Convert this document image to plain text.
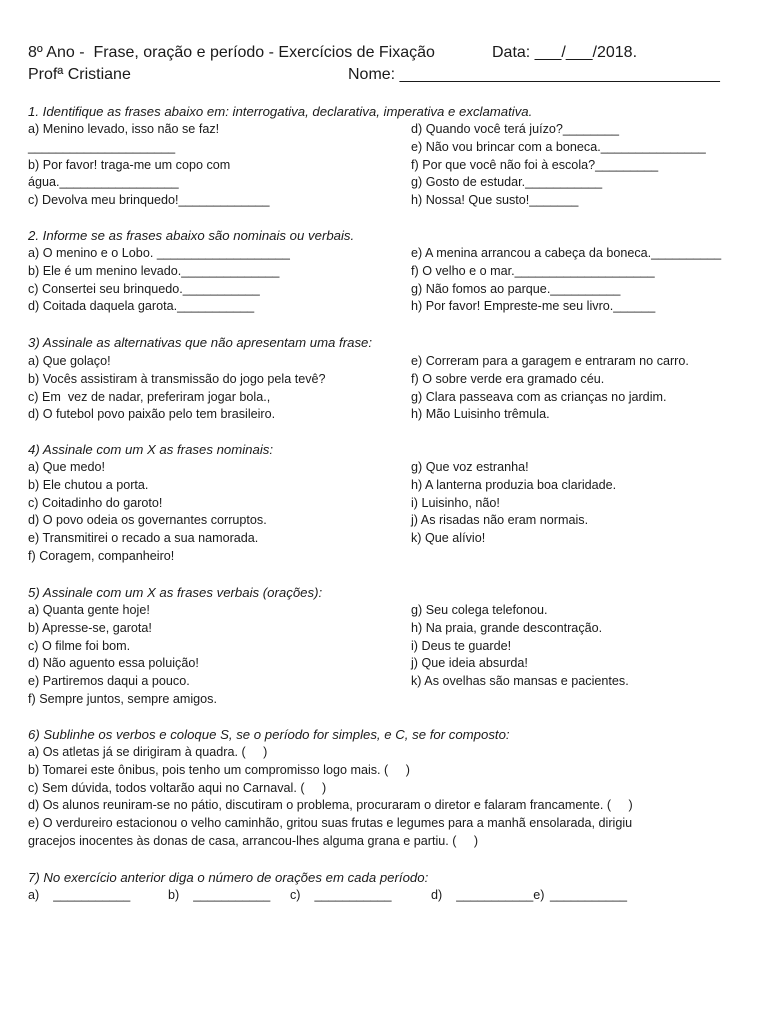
8º Ano -  Frase, oração e período - Exercícios de Fixação	Data: ___/___/2018.
Profª Cristiane	Nome: ____________________________________
1. Identifique as frases abaixo em: interrogativa, declarativa, imperativa e exclamativa.
a) Menino levado, isso não se faz!
_____________________
b) Por favor! traga-me um copo com
água._________________
c) Devolva meu brinquedo!_____________
d) Quando você terá juízo?________
e) Não vou brincar com a boneca._______________
f) Por que você não foi à escola?_________
g) Gosto de estudar.___________
h) Nossa! Que susto!_______
2. Informe se as frases abaixo são nominais ou verbais.
a) O menino e o Lobo. ___________________
b) Ele é um menino levado.______________
c) Consertei seu brinquedo.___________
d) Coitada daquela garota.___________
e) A menina arrancou a cabeça da boneca.__________
f) O velho e o mar.____________________
g) Não fomos ao parque.__________
h) Por favor! Empreste-me seu livro.______
3) Assinale as alternativas que não apresentam uma frase:
a) Que golaço!
b) Vocês assistiram à transmissão do jogo pela tevê?
c) Em  vez de nadar, preferiram jogar bola.,
d) O futebol povo paixão pelo tem brasileiro.
e) Correram para a garagem e entraram no carro.
f) O sobre verde era gramado céu.
g) Clara passeava com as crianças no jardim.
h) Mão Luisinho trêmula.
4) Assinale com um X as frases nominais:
a) Que medo!
b) Ele chutou a porta.
c) Coitadinho do garoto!
d) O povo odeia os governantes corruptos.
e) Transmitirei o recado a sua namorada.
f) Coragem, companheiro!
g) Que voz estranha!
h) A lanterna produzia boa claridade.
i) Luisinho, não!
j) As risadas não eram normais.
k) Que alívio!
5) Assinale com um X as frases verbais (orações):
a) Quanta gente hoje!
b) Apresse-se, garota!
c) O filme foi bom.
d) Não aguento essa poluição!
e) Partiremos daqui a pouco.
f) Sempre juntos, sempre amigos.
g) Seu colega telefonou.
h) Na praia, grande descontração.
i) Deus te guarde!
j) Que ideia absurda!
k) As ovelhas são mansas e pacientes.
6) Sublinhe os verbos e coloque S, se o período for simples, e C, se for composto:
a) Os atletas já se dirigiram à quadra. (     )
b) Tomarei este ônibus, pois tenho um compromisso logo mais. (     )
c) Sem dúvida, todos voltarão aqui no Carnaval. (     )
d) Os alunos reuniram-se no pátio, discutiram o problema, procuraram o diretor e falaram francamente. (     )
e) O verdureiro estacionou o velho caminhão, gritou suas frutas e legumes para a manhã ensolarada, dirigiu
gracejos inocentes às donas de casa, arrancou-lhes alguma grana e partiu. (     )
7) No exercício anterior diga o número de orações em cada período:
a)    ___________	b)    ___________ c)    ___________	d)    ___________e) ___________
